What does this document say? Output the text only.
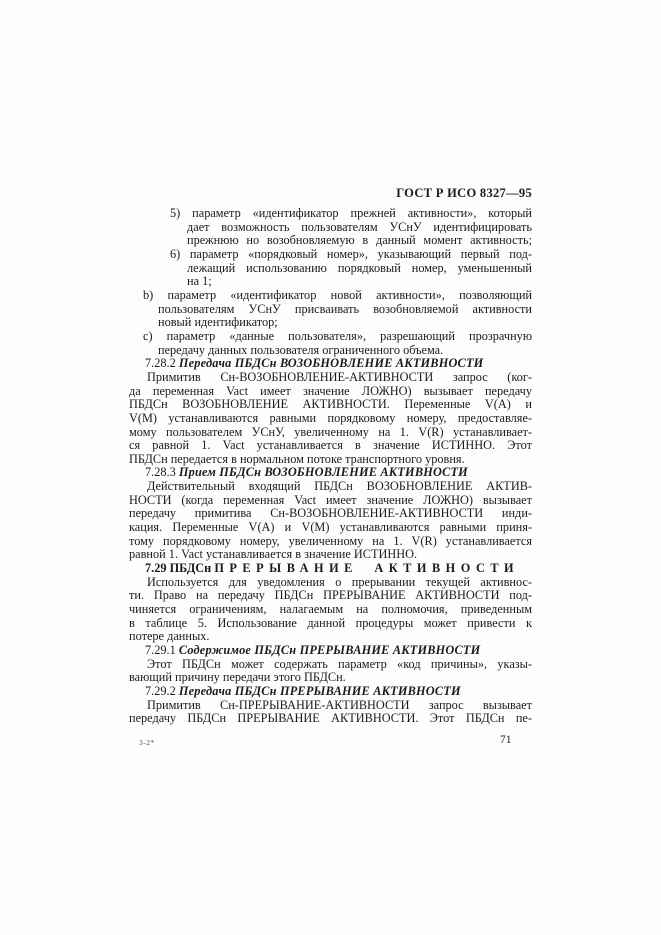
ГОСТ Р ИСО 8327—95
5) параметр «идентификатор прежней активности», который
дает возможность пользователям УСнУ идентифицировать
прежнюю но возобновляемую в данный момент активность;
6) параметр «порядковый номер», указывающий первый под-
лежащий использованию порядковый номер, уменьшенный
на 1;
b) параметр «идентификатор новой активности», позволяющий
пользователям УСнУ присваивать возобновляемой активности
новый идентификатор;
c) параметр «данные пользователя», разрешающий прозрачную
передачу данных пользователя ограниченного объема.
7.28.2 Передача ПБДСн ВОЗОБНОВЛЕНИЕ АКТИВНОСТИ
Примитив Сн-ВОЗОБНОВЛЕНИЕ-АКТИВНОСТИ запрос (ког-
да переменная Vact имеет значение ЛОЖНО) вызывает передачу
ПБДСн ВОЗОБНОВЛЕНИЕ АКТИВНОСТИ. Переменные V(A) и
V(M) устанавливаются равными порядковому номеру, предоставляе-
мому пользователем УСнУ, увеличенному на 1. V(R) устанавливает-
ся равной 1. Vact устанавливается в значение ИСТИННО. Этот
ПБДСн передается в нормальном потоке транспортного уровня.
7.28.3 Прием ПБДСн ВОЗОБНОВЛЕНИЕ АКТИВНОСТИ
Действительный входящий ПБДСн ВОЗОБНОВЛЕНИЕ АКТИВ-
НОСТИ (когда переменная Vact имеет значение ЛОЖНО) вызывает
передачу примитива Сн-ВОЗОБНОВЛЕНИЕ-АКТИВНОСТИ инди-
кация. Переменные V(A) и V(M) устанавливаются равными приня-
тому порядковому номеру, увеличенному на 1. V(R) устанавливается
равной 1. Vact устанавливается в значение ИСТИННО.
7.29 ПБДСн ПРЕРЫВАНИЕ АКТИВНОСТИ
Используется для уведомления о прерывании текущей активнос-
ти. Право на передачу ПБДСн ПРЕРЫВАНИЕ АКТИВНОСТИ под-
чиняется ограничениям, налагаемым на полномочия, приведенным
в таблице 5. Использование данной процедуры может привести к
потере данных.
7.29.1 Содержимое ПБДСн ПРЕРЫВАНИЕ АКТИВНОСТИ
Этот ПБДСн может содержать параметр «код причины», указы-
вающий причину передачи этого ПБДСн.
7.29.2 Передача ПБДСн ПРЕРЫВАНИЕ АКТИВНОСТИ
Примитив Сн-ПРЕРЫВАНИЕ-АКТИВНОСТИ запрос вызывает
передачу ПБДСн ПРЕРЫВАНИЕ АКТИВНОСТИ. Этот ПБДСн пе-
3-2*	71
